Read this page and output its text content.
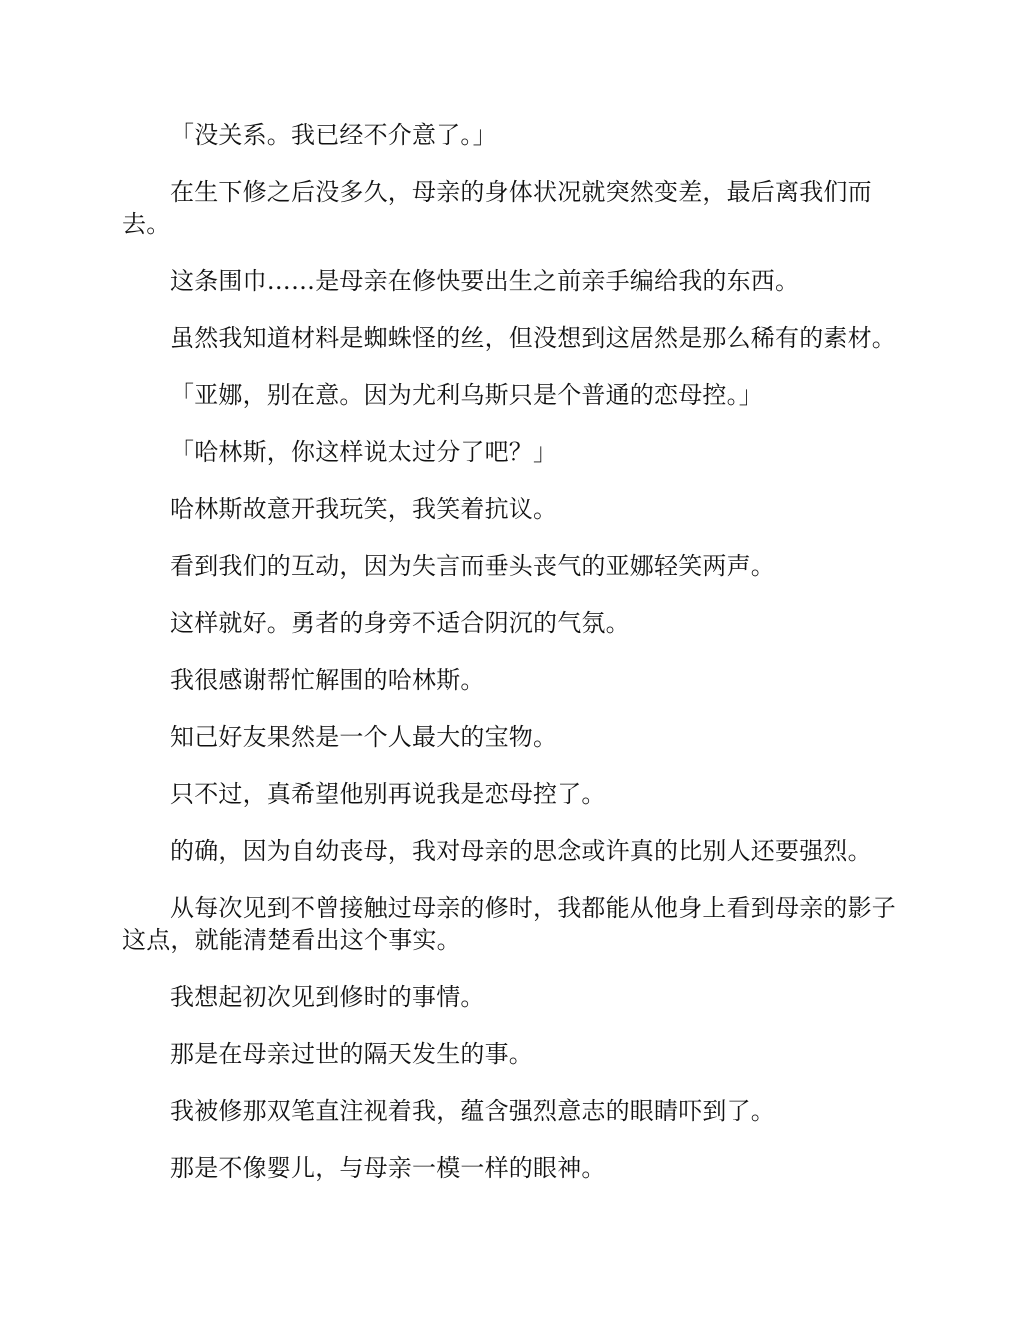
「没关系。我已经不介意了。」

在生下修之后没多久，母亲的身体状况就突然变差，最后离我们而去。

这条围巾……是母亲在修快要出生之前亲手编给我的东西。

虽然我知道材料是蜘蛛怪的丝，但没想到这居然是那么稀有的素材。

「亚娜，别在意。因为尤利乌斯只是个普通的恋母控。」

「哈林斯，你这样说太过分了吧？」

哈林斯故意开我玩笑，我笑着抗议。

看到我们的互动，因为失言而垂头丧气的亚娜轻笑两声。

这样就好。勇者的身旁不适合阴沉的气氛。

我很感谢帮忙解围的哈林斯。

知己好友果然是一个人最大的宝物。

只不过，真希望他别再说我是恋母控了。

的确，因为自幼丧母，我对母亲的思念或许真的比别人还要强烈。

从每次见到不曾接触过母亲的修时，我都能从他身上看到母亲的影子这点，就能清楚看出这个事实。

我想起初次见到修时的事情。

那是在母亲过世的隔天发生的事。

我被修那双笔直注视着我，蕴含强烈意志的眼睛吓到了。

那是不像婴儿，与母亲一模一样的眼神。
